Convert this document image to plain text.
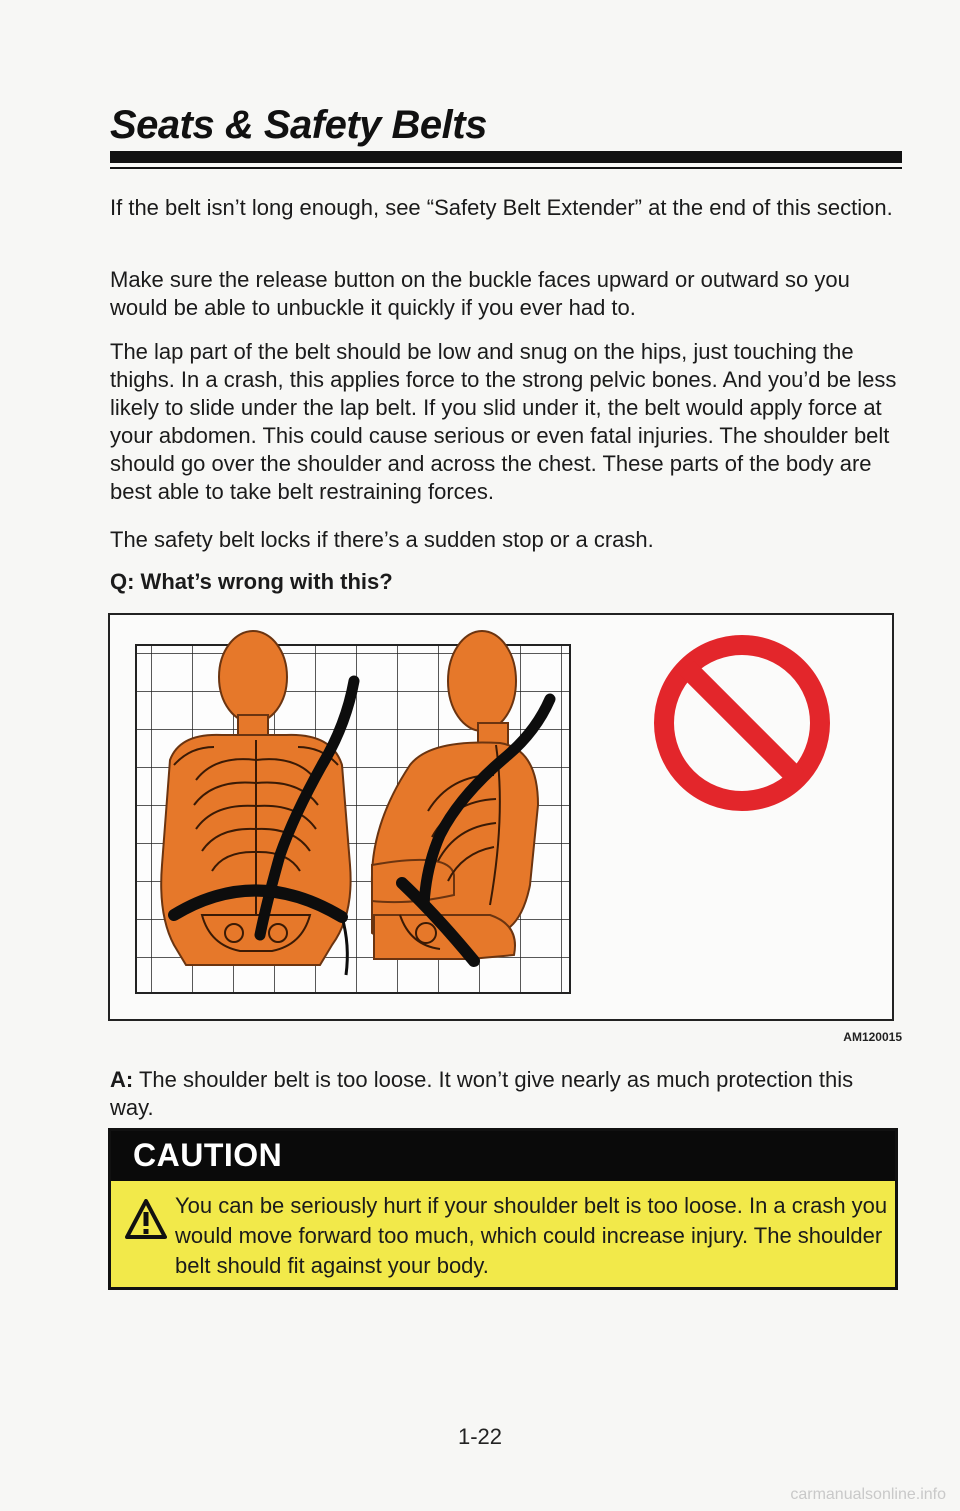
Seats & Safety Belts
If the belt isn’t long enough, see “Safety Belt Extender” at the end of this section.
Make sure the release button on the buckle faces upward or outward so you would be able to unbuckle it quickly if you ever had to.
The lap part of the belt should be low and snug on the hips, just touching the thighs. In a crash, this applies force to the strong pelvic bones. And you’d be less likely to slide under the lap belt. If you slid under it, the belt would apply force at your abdomen. This could cause serious or even fatal injuries. The shoulder belt should go over the shoulder and across the chest. These parts of the body are best able to take belt restraining forces.
The safety belt locks if there’s a sudden stop or a crash.
Q: What’s wrong with this?
AM120015
A: The shoulder belt is too loose. It won’t give nearly as much protection this way.
CAUTION
You can be seriously hurt if your shoulder belt is too loose. In a crash you would move forward too much, which could increase injury. The shoulder belt should fit against your body.
1-22
carmanualsonline.info
